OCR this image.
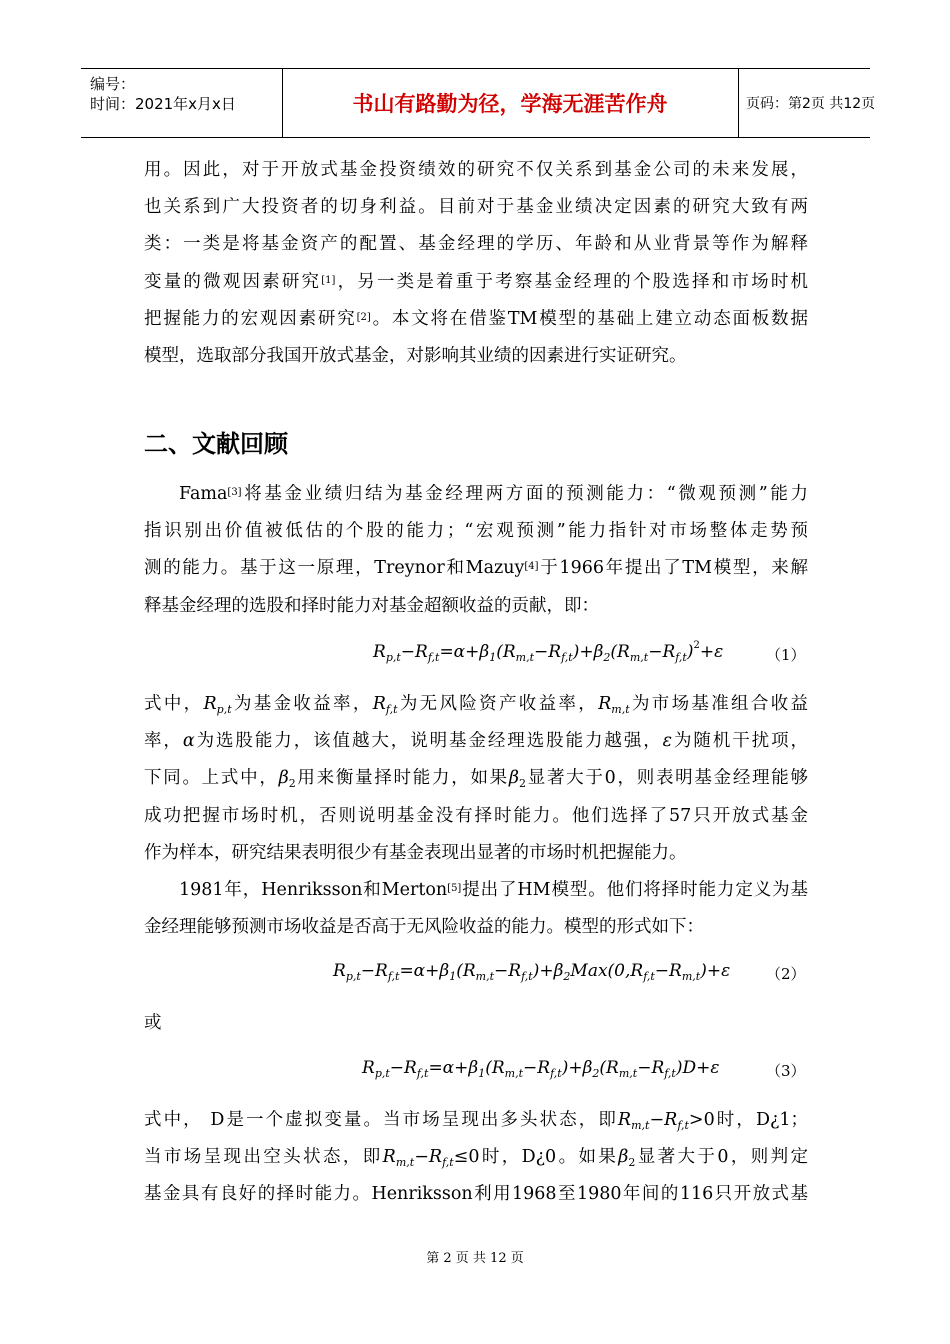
编号：
时间：2021年x月x日	书山有路勤为径，学海无涯苦作舟	页码：第2页 共12页
用。因此，对于开放式基金投资绩效的研究不仅关系到基金公司的未来发展，
也关系到广大投资者的切身利益。目前对于基金业绩决定因素的研究大致有两
类：一类是将基金资产的配置、基金经理的学历、年龄和从业背景等作为解释
变量的微观因素研究[1]，另一类是着重于考察基金经理的个股选择和市场时机
把握能力的宏观因素研究[2]。本文将在借鉴TM模型的基础上建立动态面板数据
模型，选取部分我国开放式基金，对影响其业绩的因素进行实证研究。
二、文献回顾
Fama[3]将基金业绩归结为基金经理两方面的预测能力：“微观预测”能力
指识别出价值被低估的个股的能力；“宏观预测”能力指针对市场整体走势预
测的能力。基于这一原理，Treynor和Mazuy[4]于1966年提出了TM模型，来解
释基金经理的选股和择时能力对基金超额收益的贡献，即：
$R_{p,t}-R_{f,t}=\alpha+\beta_1(R_{m,t}-R_{f,t})+\beta_2(R_{m,t}-R_{f,t})^2+\varepsilon$	（1）
式中，$R_{p,t}$为基金收益率，$R_{f,t}$为无风险资产收益率，$R_{m,t}$为市场基准组合收益
率，α为选股能力，该值越大，说明基金经理选股能力越强，ε为随机干扰项，
下同。上式中，$\beta_2$用来衡量择时能力，如果$\beta_2$显著大于0，则表明基金经理能够
成功把握市场时机，否则说明基金没有择时能力。他们选择了57只开放式基金
作为样本，研究结果表明很少有基金表现出显著的市场时机把握能力。
1981年，Henriksson和Merton[5]提出了HM模型。他们将择时能力定义为基
金经理能够预测市场收益是否高于无风险收益的能力。模型的形式如下：
$R_{p,t}-R_{f,t}=\alpha+\beta_1(R_{m,t}-R_{f,t})+\beta_2Max(0,R_{f,t}-R_{m,t})+\varepsilon$ （2）
或
$R_{p,t}-R_{f,t}=\alpha+\beta_1(R_{m,t}-R_{f,t})+\beta_2(R_{m,t}-R_{f,t})D+\varepsilon$	（3）
式中， D是一个虚拟变量。当市场呈现出多头状态，即$R_{m,t}-R_{f,t}>0$时，D¿1；
当市场呈现出空头状态，即$R_{m,t}-R_{f,t}\le 0$时，D¿0。如果$\beta_2$显著大于0，则判定
基金具有良好的择时能力。Henriksson利用1968至1980年间的116只开放式基
第 2 页 共 12 页
